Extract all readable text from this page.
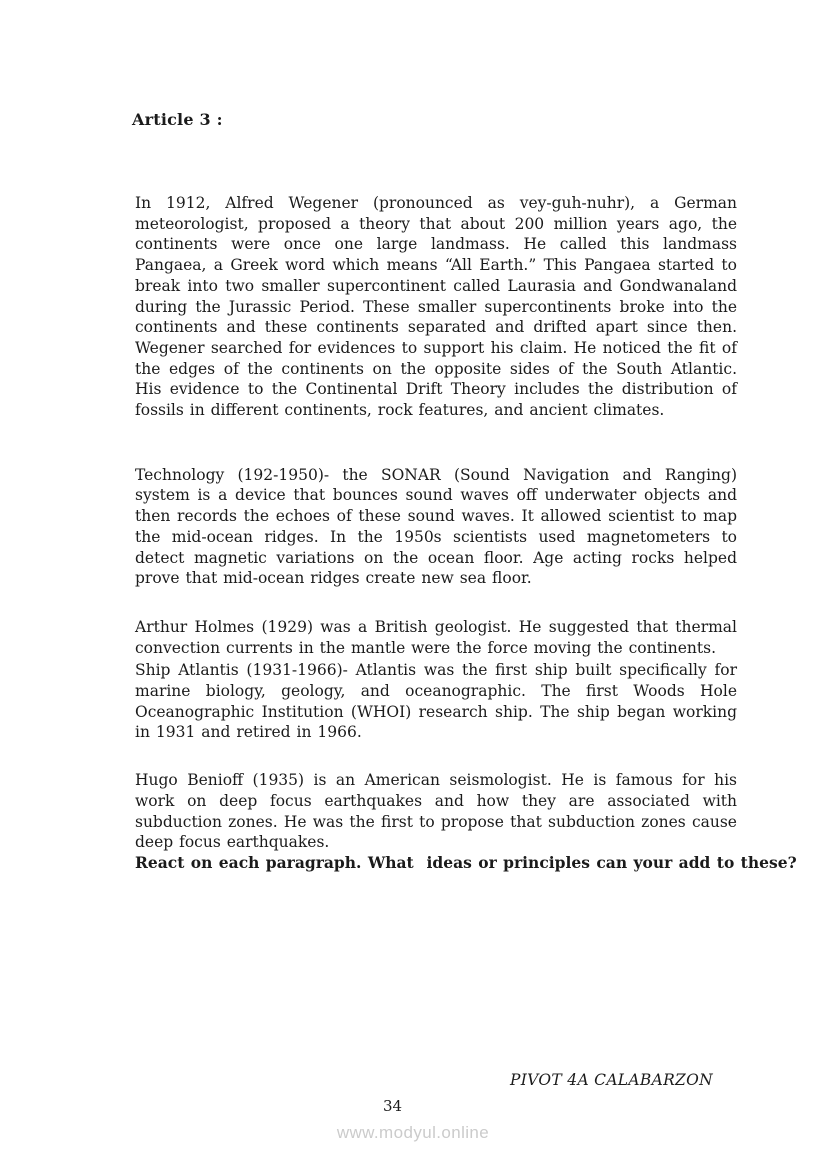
Article 3 :

In 1912, Alfred Wegener (pronounced as vey-guh-nuhr), a German meteorologist, proposed a theory that about 200 million years ago, the continents were once one large landmass. He called this landmass Pangaea, a Greek word which means “All Earth.” This Pangaea started to break into two smaller supercontinent called Laurasia and Gondwanaland during the Jurassic Period. These smaller supercontinents broke into the continents and these continents separated and drifted apart since then. Wegener searched for evidences to support his claim. He noticed the fit of the edges of the continents on the opposite sides of the South Atlantic. His evidence to the Continental Drift Theory includes the distribution of fossils in different continents, rock features, and ancient climates.

Technology (192-1950)- the SONAR (Sound Navigation and Ranging) system is a device that bounces sound waves off underwater objects and then records the echoes of these sound waves. It allowed scientist to map the mid-ocean ridges. In the 1950s scientists used magnetometers to detect magnetic variations on the ocean floor. Age acting rocks helped prove that mid-ocean ridges create new sea floor.

Arthur Holmes (1929) was a British geologist. He suggested that thermal convection currents in the mantle were the force moving the continents.

Ship Atlantis (1931-1966)- Atlantis was the first ship built specifically for marine biology, geology, and oceanographic. The first Woods Hole Oceanographic Institution (WHOI) research ship. The ship began working in 1931 and retired in 1966.

Hugo Benioff (1935) is an American seismologist. He is famous for his work on deep focus earthquakes and how they are associated with subduction zones. He was the first to propose that subduction zones cause deep focus earthquakes.

React on each paragraph. What  ideas or principles can your add to these?

PIVOT 4A CALABARZON
34
www.modyul.online
